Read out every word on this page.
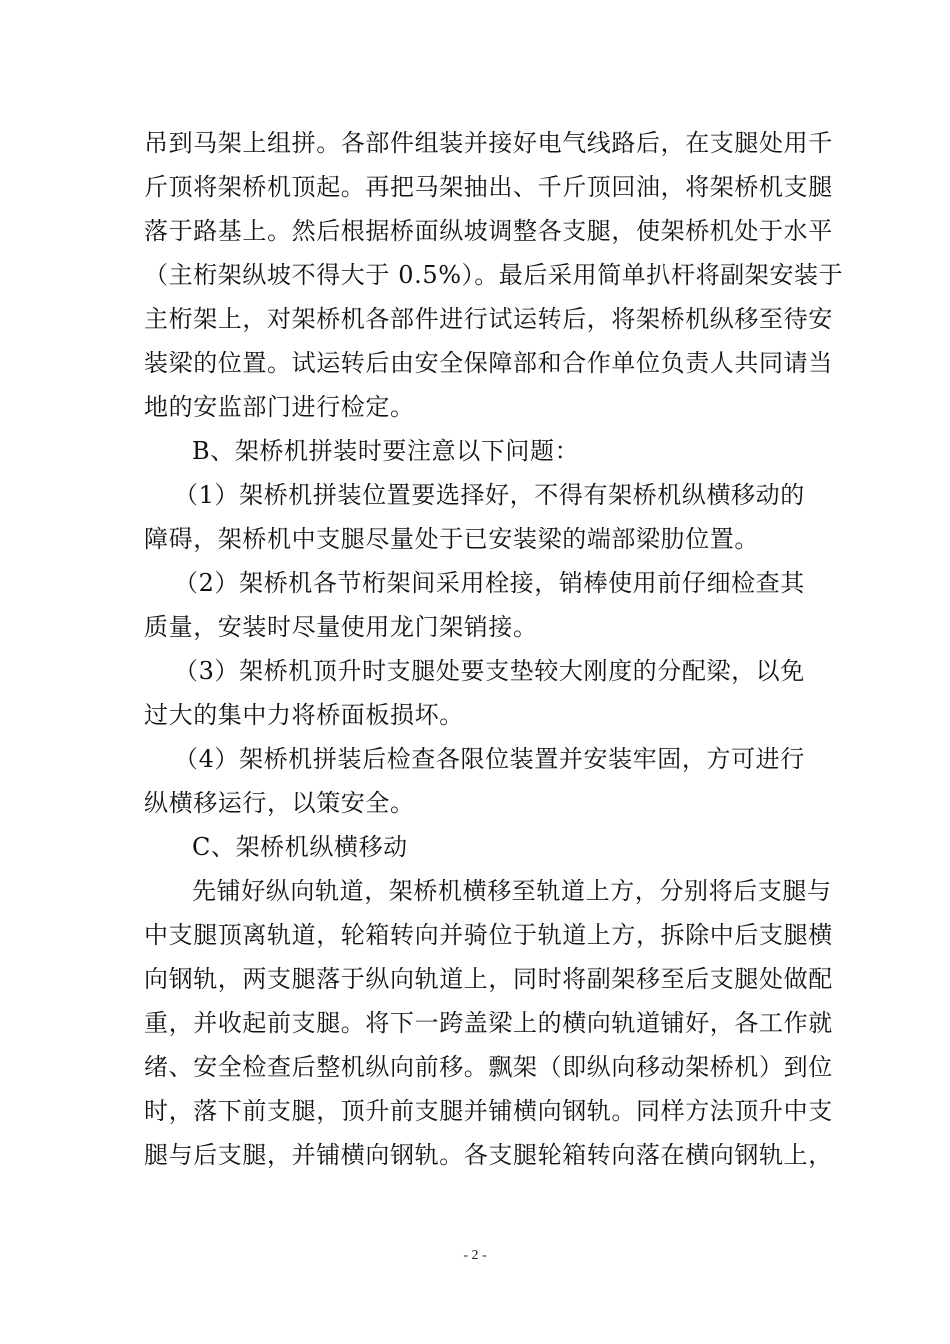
吊到马架上组拼。各部件组装并接好电气线路后，在支腿处用千
斤顶将架桥机顶起。再把马架抽出、千斤顶回油，将架桥机支腿
落于路基上。然后根据桥面纵坡调整各支腿，使架桥机处于水平
（主桁架纵坡不得大于 0.5%）。最后采用简单扒杆将副架安装于
主桁架上，对架桥机各部件进行试运转后，将架桥机纵移至待安
装梁的位置。试运转后由安全保障部和合作单位负责人共同请当
地的安监部门进行检定。
B、架桥机拼装时要注意以下问题：
（1）架桥机拼装位置要选择好，不得有架桥机纵横移动的
障碍，架桥机中支腿尽量处于已安装梁的端部梁肋位置。
（2）架桥机各节桁架间采用栓接，销棒使用前仔细检查其
质量，安装时尽量使用龙门架销接。
（3）架桥机顶升时支腿处要支垫较大刚度的分配梁，以免
过大的集中力将桥面板损坏。
（4）架桥机拼装后检查各限位装置并安装牢固，方可进行
纵横移运行，以策安全。
C、架桥机纵横移动
先铺好纵向轨道，架桥机横移至轨道上方，分别将后支腿与
中支腿顶离轨道，轮箱转向并骑位于轨道上方，拆除中后支腿横
向钢轨，两支腿落于纵向轨道上，同时将副架移至后支腿处做配
重，并收起前支腿。将下一跨盖梁上的横向轨道铺好，各工作就
绪、安全检查后整机纵向前移。飘架（即纵向移动架桥机）到位
时，落下前支腿，顶升前支腿并铺横向钢轨。同样方法顶升中支
腿与后支腿，并铺横向钢轨。各支腿轮箱转向落在横向钢轨上，
- 2 -
